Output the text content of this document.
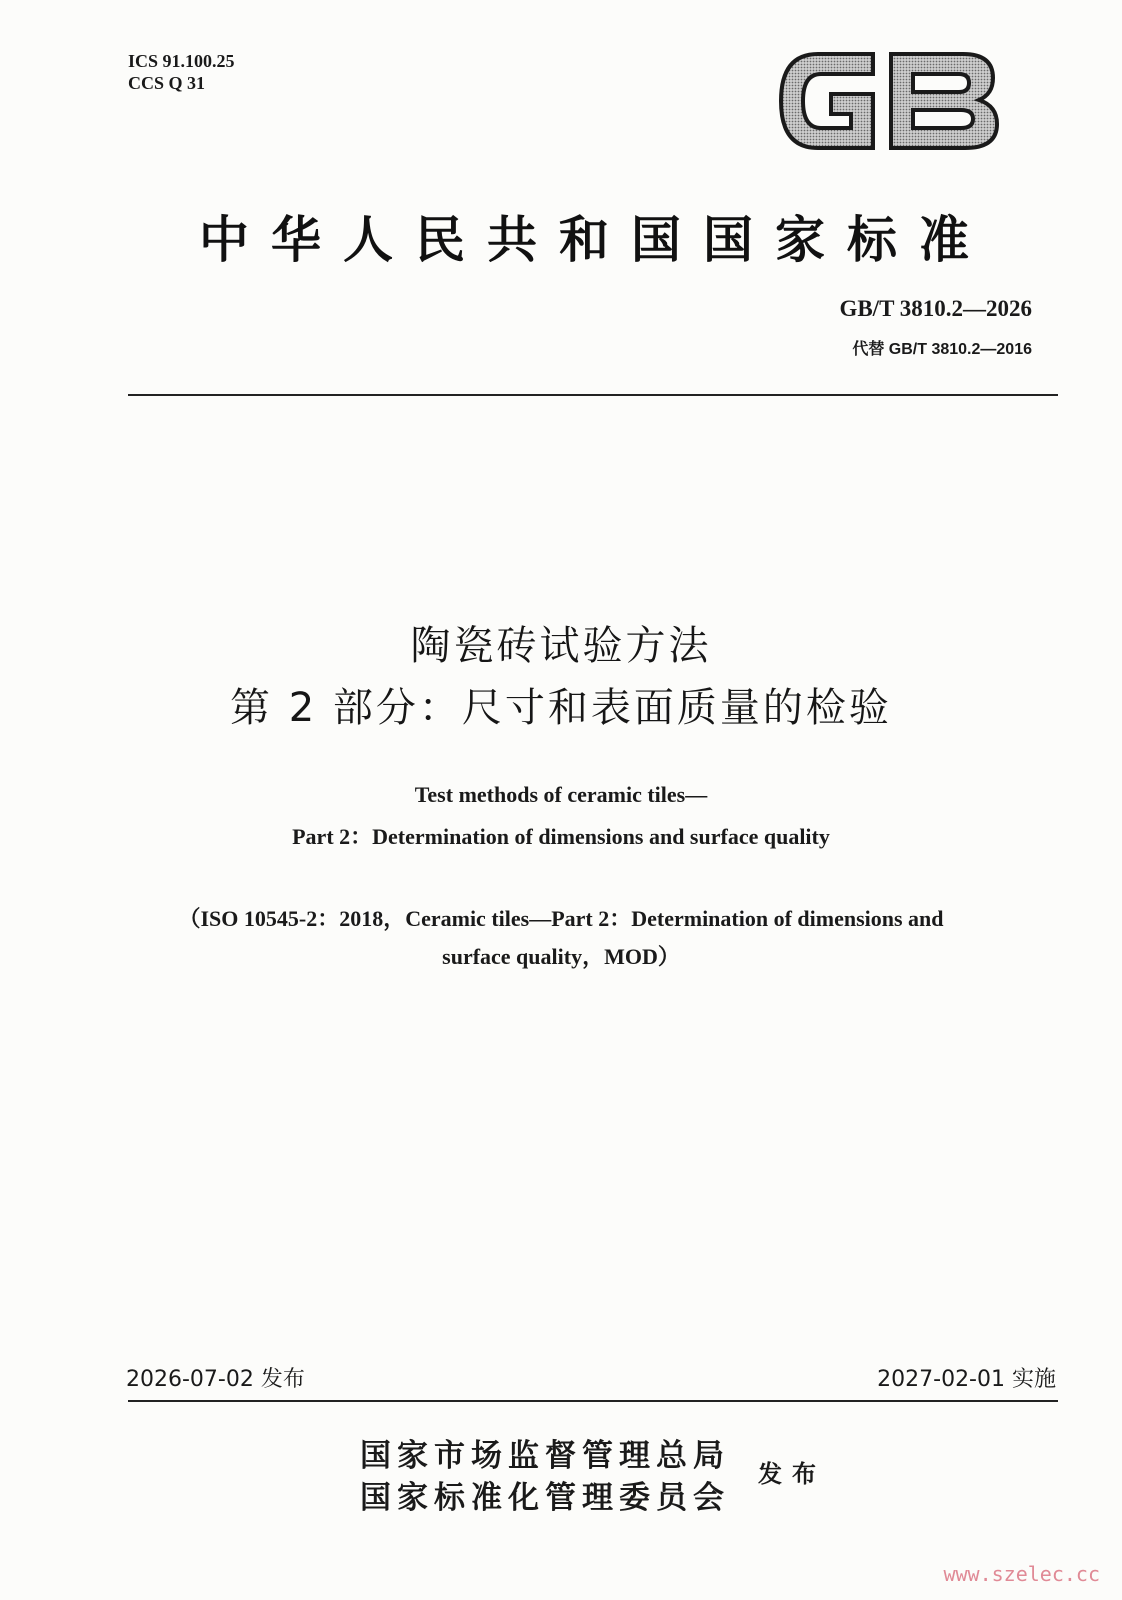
ICS 91.100.25
CCS Q 31
中华人民共和国国家标准
GB/T 3810.2—2026
代替 GB/T 3810.2—2016
陶瓷砖试验方法
第 2 部分：尺寸和表面质量的检验
Test methods of ceramic tiles—
Part 2：Determination of dimensions and surface quality
（ISO 10545-2：2018，Ceramic tiles—Part 2：Determination of dimensions and
surface quality，MOD）
2026-07-02 发布	2027-02-01 实施
国家市场监督管理总局
国家标准化管理委员会
发布
www.szelec.cc
